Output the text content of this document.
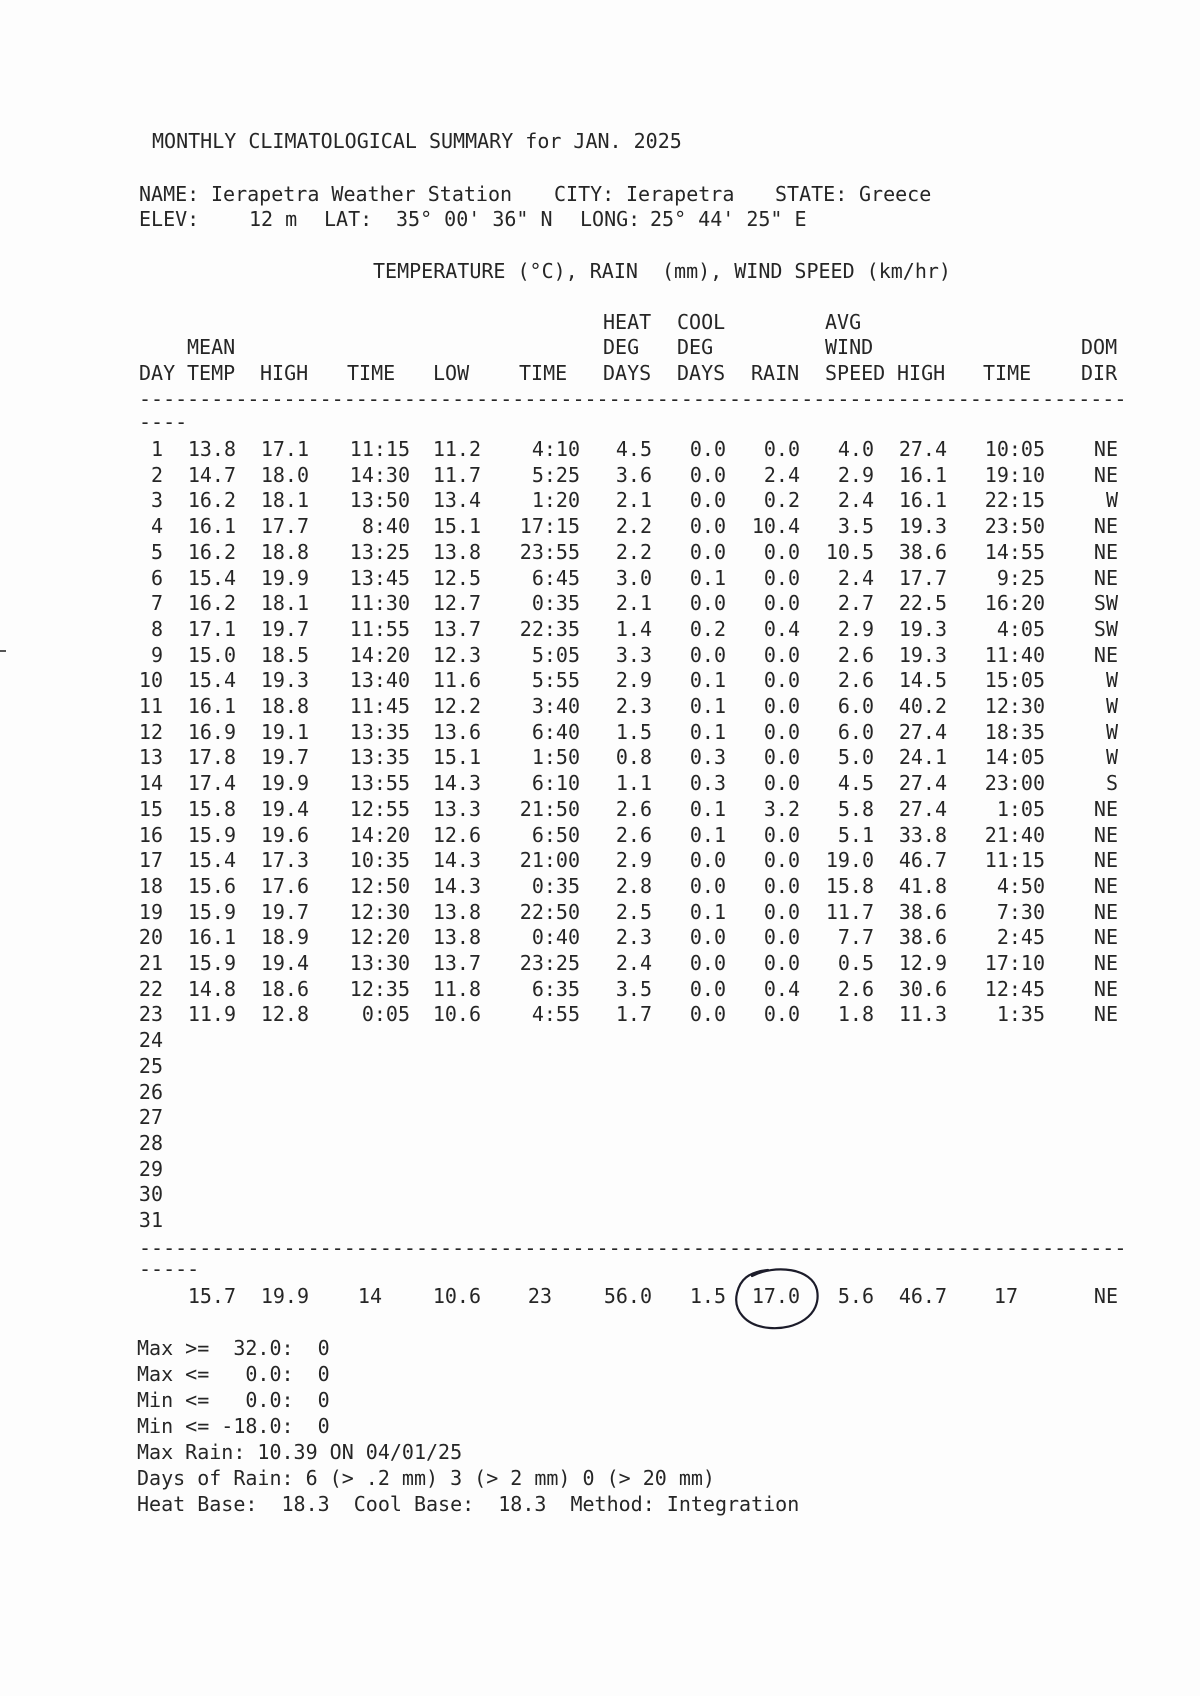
MONTHLY CLIMATOLOGICAL SUMMARY for JAN. 2025
NAME: Ierapetra Weather Station CITY: Ierapetra STATE: Greece
ELEV: 12 m LAT: 35° 00' 36" N LONG: 25° 44' 25" E
TEMPERATURE (°C), RAIN  (mm), WIND SPEED (km/hr)
----------------------------------------------------------------------------------
----
HEAT COOL	AVG
MEAN	DEG DEG	WIND	DOM
DAY TEMP HIGH TIME LOW TIME DAYS DAYS RAIN SPEED HIGH TIME DIR
1 13.8 17.1 11:15 11.2	4:10 4.5 0.0 0.0 4.0 27.4 10:05 NE
2 14.7 18.0 14:30 11.7	5:25 3.6 0.0 2.4 2.9 16.1 19:10 NE
3 16.2 18.1 13:50 13.4	1:20 2.1 0.0 0.2 2.4 16.1 22:15	W
4 16.1 17.7	8:40 15.1 17:15 2.2 0.0 10.4 3.5 19.3 23:50 NE
5 16.2 18.8 13:25 13.8 23:55 2.2 0.0 0.0 10.5 38.6 14:55 NE
6 15.4 19.9 13:45 12.5	6:45 3.0 0.1 0.0 2.4 17.7 9:25 NE
7 16.2 18.1 11:30 12.7	0:35 2.1 0.0 0.0 2.7 22.5 16:20 SW
8 17.1 19.7 11:55 13.7 22:35 1.4 0.2 0.4 2.9 19.3 4:05 SW
9 15.0 18.5 14:20 12.3	5:05 3.3 0.0 0.0 2.6 19.3 11:40 NE
10 15.4 19.3 13:40 11.6	5:55 2.9 0.1 0.0 2.6 14.5 15:05	W
11 16.1 18.8 11:45 12.2	3:40 2.3 0.1 0.0 6.0 40.2 12:30	W
12 16.9 19.1 13:35 13.6	6:40 1.5 0.1 0.0 6.0 27.4 18:35	W
13 17.8 19.7 13:35 15.1	1:50 0.8 0.3 0.0 5.0 24.1 14:05	W
14 17.4 19.9 13:55 14.3	6:10 1.1 0.3 0.0 4.5 27.4 23:00	S
15 15.8 19.4 12:55 13.3 21:50 2.6 0.1 3.2 5.8 27.4 1:05 NE
16 15.9 19.6 14:20 12.6	6:50 2.6 0.1 0.0 5.1 33.8 21:40 NE
17 15.4 17.3 10:35 14.3 21:00 2.9 0.0 0.0 19.0 46.7 11:15 NE
18 15.6 17.6 12:50 14.3	0:35 2.8 0.0 0.0 15.8 41.8 4:50 NE
19 15.9 19.7 12:30 13.8 22:50 2.5 0.1 0.0 11.7 38.6 7:30 NE
20 16.1 18.9 12:20 13.8	0:40 2.3 0.0 0.0 7.7 38.6 2:45 NE
21 15.9 19.4 13:30 13.7 23:25 2.4 0.0 0.0 0.5 12.9 17:10 NE
22 14.8 18.6 12:35 11.8	6:35 3.5 0.0 0.4 2.6 30.6 12:45 NE
23 11.9 12.8	0:05 10.6	4:55 1.7 0.0 0.0 1.8 11.3 1:35 NE
24
25
26
27
28
29
30
31
15.7 19.9 14	10.6 23	56.0 1.5 17.0 5.6 46.7 17	NE
----------------------------------------------------------------------------------
-----
Max >=  32.0:  0
Max <=   0.0:  0
Min <=   0.0:  0
Min <= -18.0:  0
Max Rain: 10.39 ON 04/01/25
Days of Rain: 6 (> .2 mm) 3 (> 2 mm) 0 (> 20 mm)
Heat Base:  18.3  Cool Base:  18.3  Method: Integration
